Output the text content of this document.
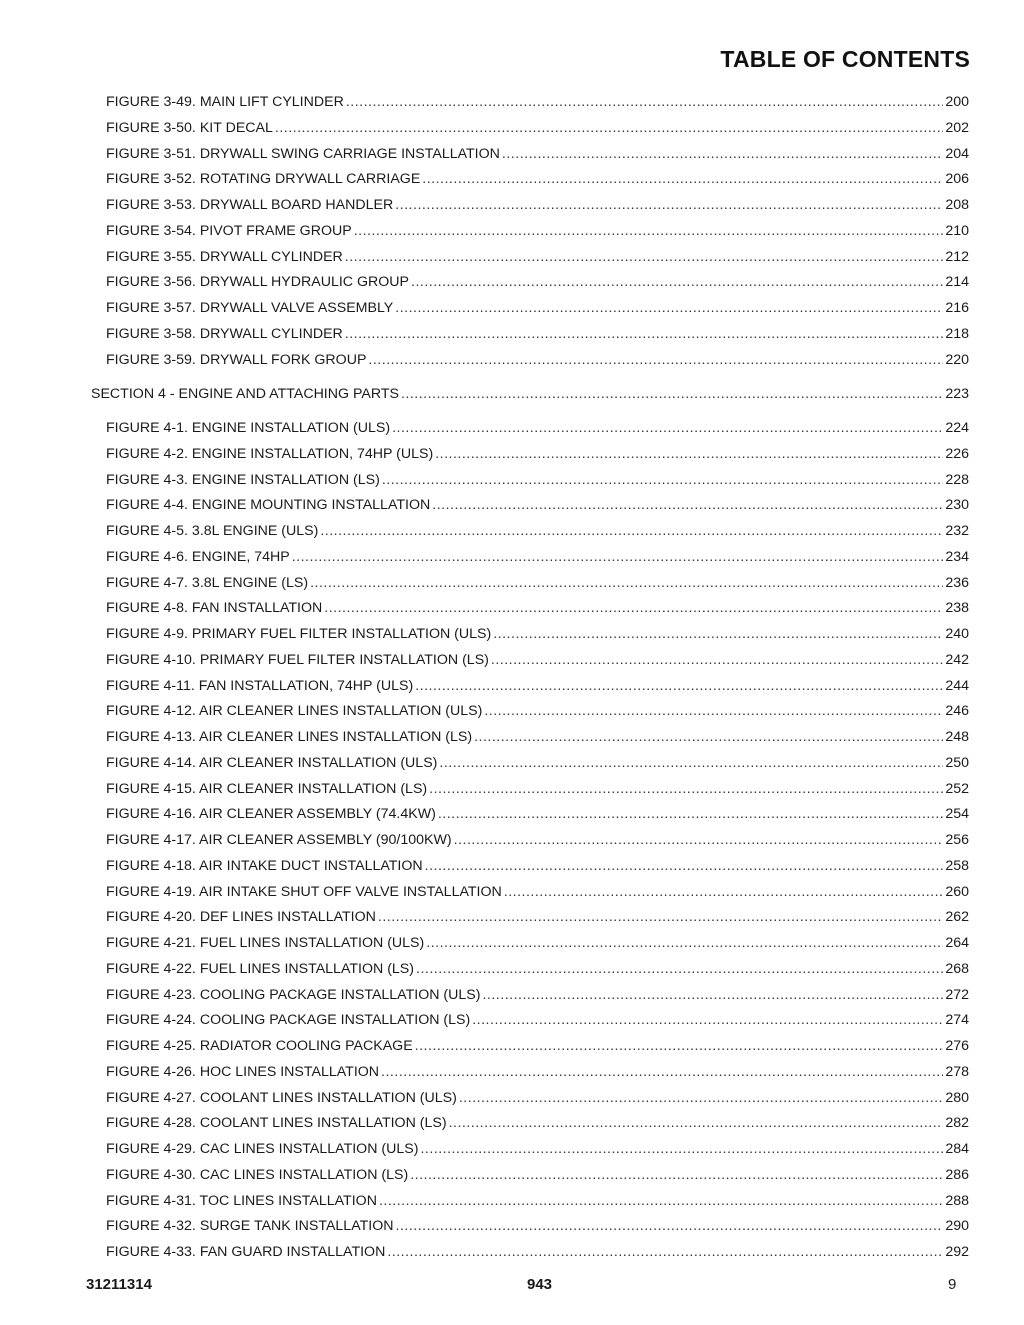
TABLE OF CONTENTS
FIGURE 3-49. MAIN LIFT CYLINDER .....	200
FIGURE 3-50. KIT DECAL .....	202
FIGURE 3-51. DRYWALL SWING CARRIAGE INSTALLATION .....	204
FIGURE 3-52. ROTATING DRYWALL CARRIAGE .....	206
FIGURE 3-53. DRYWALL BOARD HANDLER .....	208
FIGURE 3-54. PIVOT FRAME GROUP .....	210
FIGURE 3-55. DRYWALL CYLINDER .....	212
FIGURE 3-56. DRYWALL HYDRAULIC GROUP .....	214
FIGURE 3-57. DRYWALL VALVE ASSEMBLY .....	216
FIGURE 3-58. DRYWALL CYLINDER .....	218
FIGURE 3-59. DRYWALL FORK GROUP .....	220
SECTION 4 - ENGINE AND ATTACHING PARTS .....	223
FIGURE 4-1. ENGINE INSTALLATION (ULS) .....	224
FIGURE 4-2. ENGINE INSTALLATION, 74HP (ULS) .....	226
FIGURE 4-3. ENGINE INSTALLATION (LS) .....	228
FIGURE 4-4. ENGINE MOUNTING INSTALLATION .....	230
FIGURE 4-5. 3.8L ENGINE (ULS) .....	232
FIGURE 4-6. ENGINE, 74HP .....	234
FIGURE 4-7. 3.8L ENGINE (LS) .....	236
FIGURE 4-8. FAN INSTALLATION .....	238
FIGURE 4-9. PRIMARY FUEL FILTER INSTALLATION (ULS) .....	240
FIGURE 4-10. PRIMARY FUEL FILTER INSTALLATION (LS) .....	242
FIGURE 4-11. FAN INSTALLATION, 74HP (ULS) .....	244
FIGURE 4-12. AIR CLEANER LINES INSTALLATION (ULS) .....	246
FIGURE 4-13. AIR CLEANER LINES INSTALLATION (LS) .....	248
FIGURE 4-14. AIR CLEANER INSTALLATION (ULS) .....	250
FIGURE 4-15. AIR CLEANER INSTALLATION (LS) .....	252
FIGURE 4-16. AIR CLEANER ASSEMBLY (74.4KW) .....	254
FIGURE 4-17. AIR CLEANER ASSEMBLY (90/100KW) .....	256
FIGURE 4-18. AIR INTAKE DUCT INSTALLATION .....	258
FIGURE 4-19. AIR INTAKE SHUT OFF VALVE INSTALLATION .....	260
FIGURE 4-20. DEF LINES INSTALLATION .....	262
FIGURE 4-21. FUEL LINES INSTALLATION (ULS) .....	264
FIGURE 4-22. FUEL LINES INSTALLATION (LS) .....	268
FIGURE 4-23. COOLING PACKAGE INSTALLATION (ULS) .....	272
FIGURE 4-24. COOLING PACKAGE INSTALLATION (LS) .....	274
FIGURE 4-25. RADIATOR COOLING PACKAGE .....	276
FIGURE 4-26. HOC LINES INSTALLATION .....	278
FIGURE 4-27. COOLANT LINES INSTALLATION (ULS) .....	280
FIGURE 4-28. COOLANT LINES INSTALLATION (LS) .....	282
FIGURE 4-29. CAC LINES INSTALLATION (ULS) .....	284
FIGURE 4-30. CAC LINES INSTALLATION (LS) .....	286
FIGURE 4-31. TOC LINES INSTALLATION .....	288
FIGURE 4-32. SURGE TANK INSTALLATION .....	290
FIGURE 4-33. FAN GUARD INSTALLATION .....	292
31211314	943	9
